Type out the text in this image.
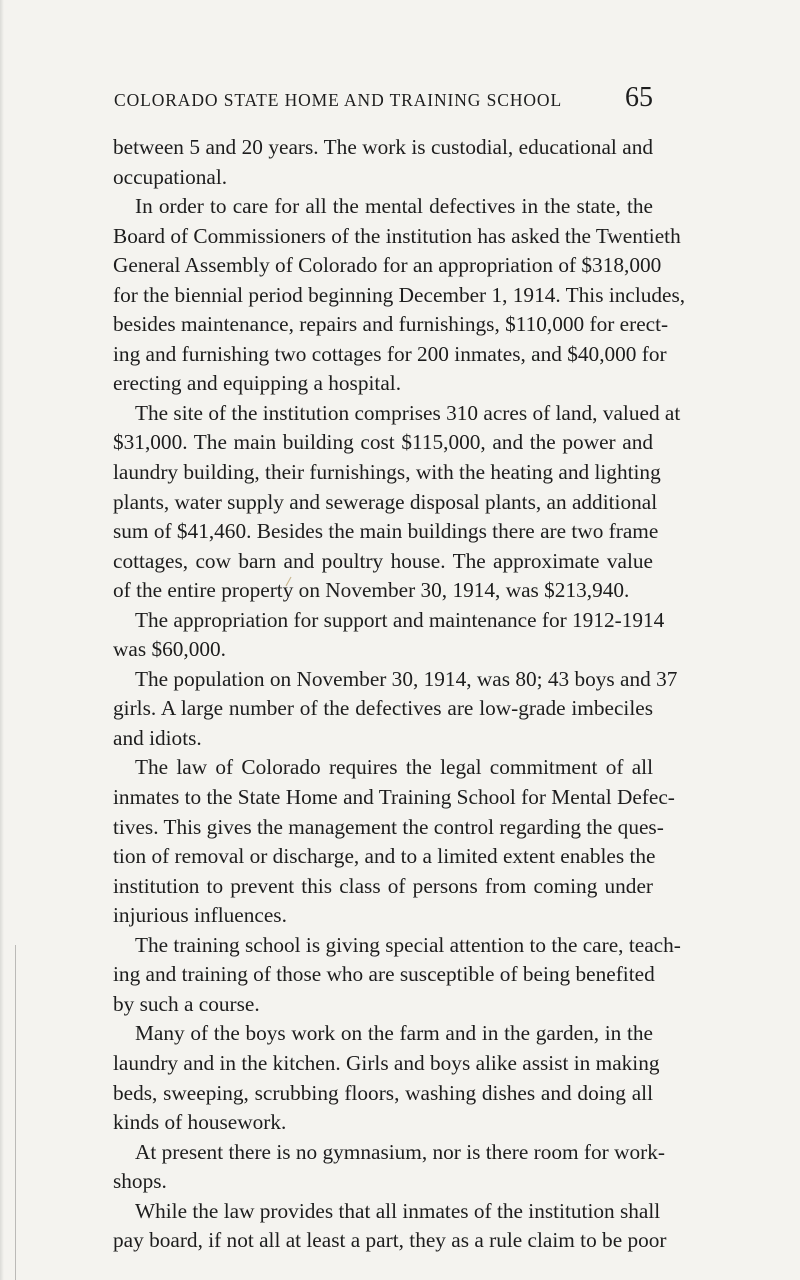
COLORADO STATE HOME AND TRAINING SCHOOL 65

between 5 and 20 years. The work is custodial, educational and
occupational.

In order to care for all the mental defectives in the state, the
Board of Commissioners of the institution has asked the Twentieth
General Assembly of Colorado for an appropriation of $318,000
for the biennial period beginning December 1, 1914. This includes,
besides maintenance, repairs and furnishings, $110,000 for erect-
ing and furnishing two cottages for 200 inmates, and $40,000 for
erecting and equipping a hospital.

The site of the institution comprises 310 acres of land, valued at
$31,000. The main building cost $115,000, and the power and
laundry building, their furnishings, with the heating and lighting
plants, water supply and sewerage disposal plants, an additional
sum of $41,460. Besides the main buildings there are two frame
cottages, cow barn and poultry house. The approximate value
of the entire property on November 30, 1914, was $213,940.

The appropriation for support and maintenance for 1912-1914
was $60,000.

The population on November 30, 1914, was 80; 43 boys and 37
girls. A large number of the defectives are low-grade imbeciles
and idiots.

The law of Colorado requires the legal commitment of all
inmates to the State Home and Training School for Mental Defec-
tives. This gives the management the control regarding the ques-
tion of removal or discharge, and to a limited extent enables the
institution to prevent this class of persons from coming under
injurious influences.

The training school is giving special attention to the care, teach-
ing and training of those who are susceptible of being benefited
by such a course.

Many of the boys work on the farm and in the garden, in the
laundry and in the kitchen. Girls and boys alike assist in making
beds, sweeping, scrubbing floors, washing dishes and doing all
kinds of housework.

At present there is no gymnasium, nor is there room for work-
shops.

While the law provides that all inmates of the institution shall
pay board, if not all at least a part, they as a rule claim to be poor
